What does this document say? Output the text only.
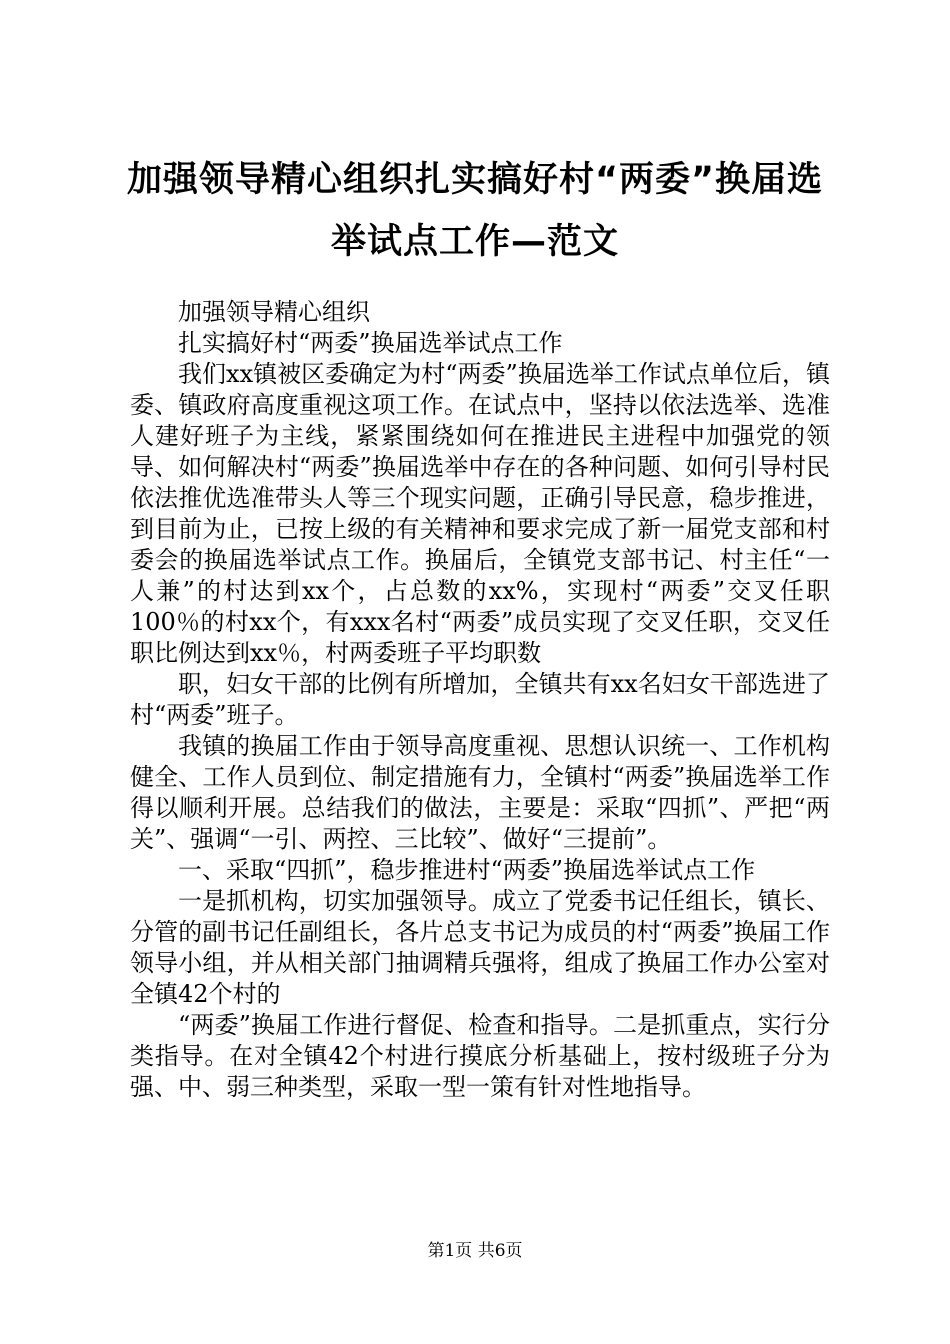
加强领导精心组织扎实搞好村“两委”换届选
举试点工作—范文

加强领导精心组织

扎实搞好村“两委”换届选举试点工作

我们xx镇被区委确定为村“两委”换届选举工作试点单位后，镇委、镇政府高度重视这项工作。在试点中，坚持以依法选举、选准人建好班子为主线，紧紧围绕如何在推进民主进程中加强党的领导、如何解决村“两委”换届选举中存在的各种问题、如何引导村民依法推优选准带头人等三个现实问题，正确引导民意，稳步推进，到目前为止，已按上级的有关精神和要求完成了新一届党支部和村委会的换届选举试点工作。换届后，全镇党支部书记、村主任“一人兼”的村达到xx个，占总数的xx%，实现村“两委”交叉任职100％的村xx个，有xxx名村“两委”成员实现了交叉任职，交叉任职比例达到xx％，村两委班子平均职数

职，妇女干部的比例有所增加，全镇共有xx名妇女干部选进了村“两委”班子。

我镇的换届工作由于领导高度重视、思想认识统一、工作机构健全、工作人员到位、制定措施有力，全镇村“两委”换届选举工作得以顺利开展。总结我们的做法，主要是：采取“四抓”、严把“两关”、强调“一引、两控、三比较”、做好“三提前”。

一、采取“四抓”，稳步推进村“两委”换届选举试点工作

一是抓机构，切实加强领导。成立了党委书记任组长，镇长、分管的副书记任副组长，各片总支书记为成员的村“两委”换届工作领导小组，并从相关部门抽调精兵强将，组成了换届工作办公室对全镇42个村的

“两委”换届工作进行督促、检查和指导。二是抓重点，实行分类指导。在对全镇42个村进行摸底分析基础上，按村级班子分为强、中、弱三种类型，采取一型一策有针对性地指导。

第1页 共6页
